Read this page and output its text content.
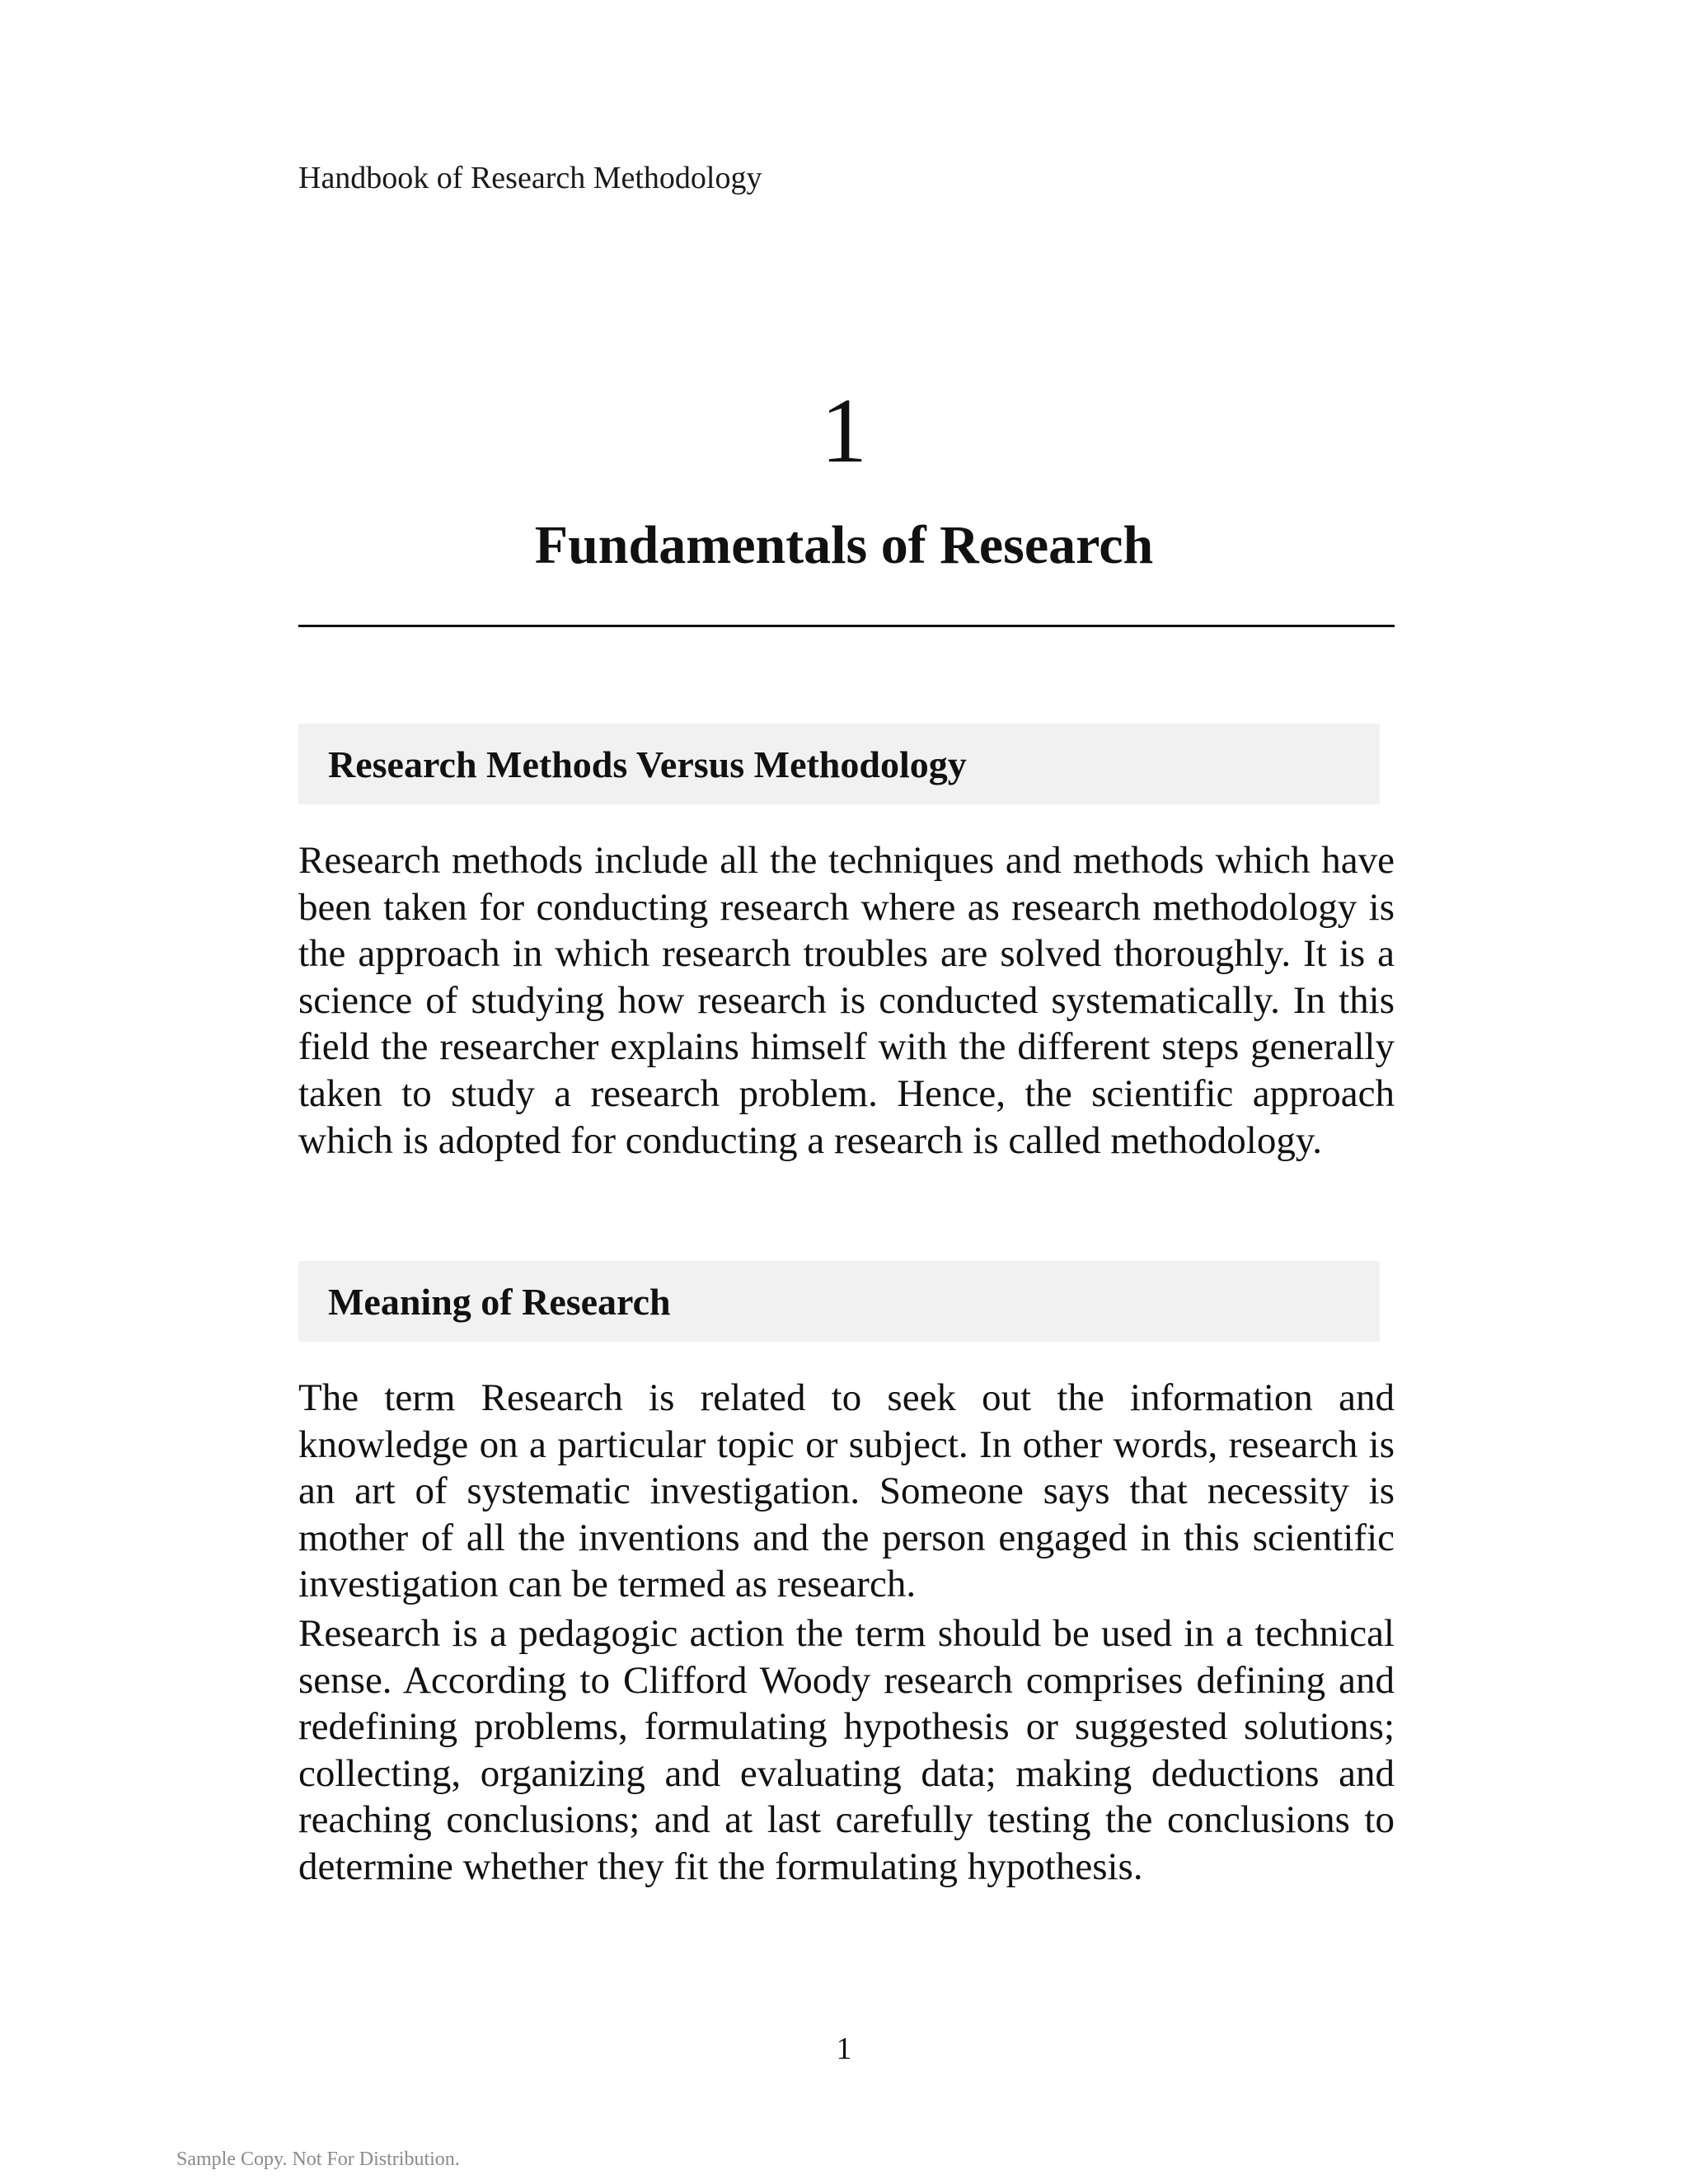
Handbook of Research Methodology
1
Fundamentals of Research
Research Methods Versus Methodology

Research methods include all the techniques and methods which have been taken for conducting research where as research methodology is the approach in which research troubles are solved thoroughly. It is a science of studying how research is conducted systematically. In this field the researcher explains himself with the different steps generally taken to study a research problem. Hence, the scientific approach which is adopted for conducting a research is called methodology.

Meaning of Research

The term Research is related to seek out the information and knowledge on a particular topic or subject. In other words, research is an art of systematic investigation. Someone says that necessity is mother of all the inventions and the person engaged in this scientific investigation can be termed as research.

Research is a pedagogic action the term should be used in a technical sense. According to Clifford Woody research comprises defining and redefining problems, formulating hypothesis or suggested solutions; collecting, organizing and evaluating data; making deductions and reaching conclusions; and at last carefully testing the conclusions to determine whether they fit the formulating hypothesis.

1
Sample Copy. Not For Distribution.
